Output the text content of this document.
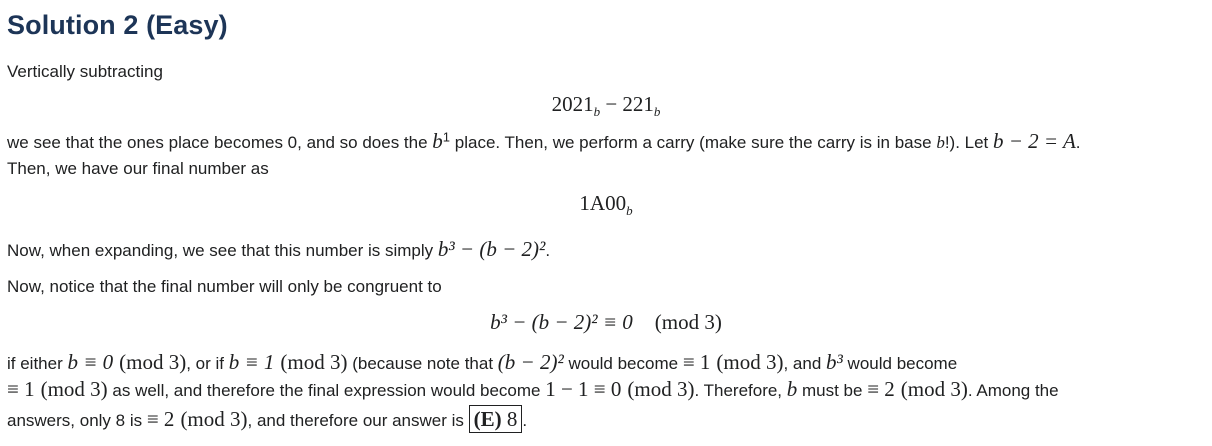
Solution 2 (Easy)
Vertically subtracting
$2021_b - 221_b$
we see that the ones place becomes 0, and so does the $b^1$ place. Then, we perform a carry (make sure the carry is in base b!). Let b − 2 = A.
Then, we have our final number as
$1A00_b$
Now, when expanding, we see that this number is simply b³ − (b − 2)².
Now, notice that the final number will only be congruent to
b³ − (b − 2)² ≡ 0 (mod 3)
if either b ≡ 0 (mod 3), or if b ≡ 1 (mod 3) (because note that (b − 2)² would become ≡ 1 (mod 3), and b³ would become
≡ 1 (mod 3) as well, and therefore the final expression would become 1 − 1 ≡ 0 (mod 3). Therefore, b must be ≡ 2 (mod 3). Among the
answers, only 8 is ≡ 2 (mod 3), and therefore our answer is (E) 8 .
